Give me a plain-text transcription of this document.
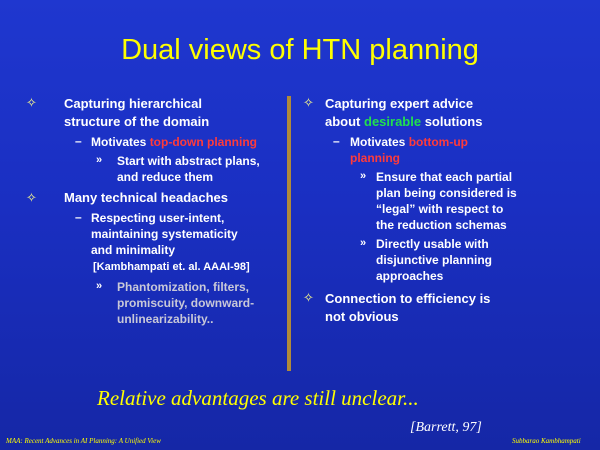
Dual views of HTN planning
✧ Capturing hierarchical
structure of the domain
– Motivates top-down planning
» Start with abstract plans,
and reduce them
✧ Many technical headaches
– Respecting user-intent,
maintaining systematicity
and minimality
[Kambhampati et. al. AAAI-98]
» Phantomization, filters,
promiscuity, downward-
unlinearizability..
✧ Capturing expert advice
about desirable solutions
– Motivates bottom-up
planning
» Ensure that each partial
plan being considered is
“legal” with respect to
the reduction schemas
» Directly usable with
disjunctive planning
approaches
✧ Connection to efficiency is
not obvious
Relative advantages are still unclear...
[Barrett, 97]
MAA: Recent Advances in AI Planning: A Unified View	Subbarao Kambhampati
